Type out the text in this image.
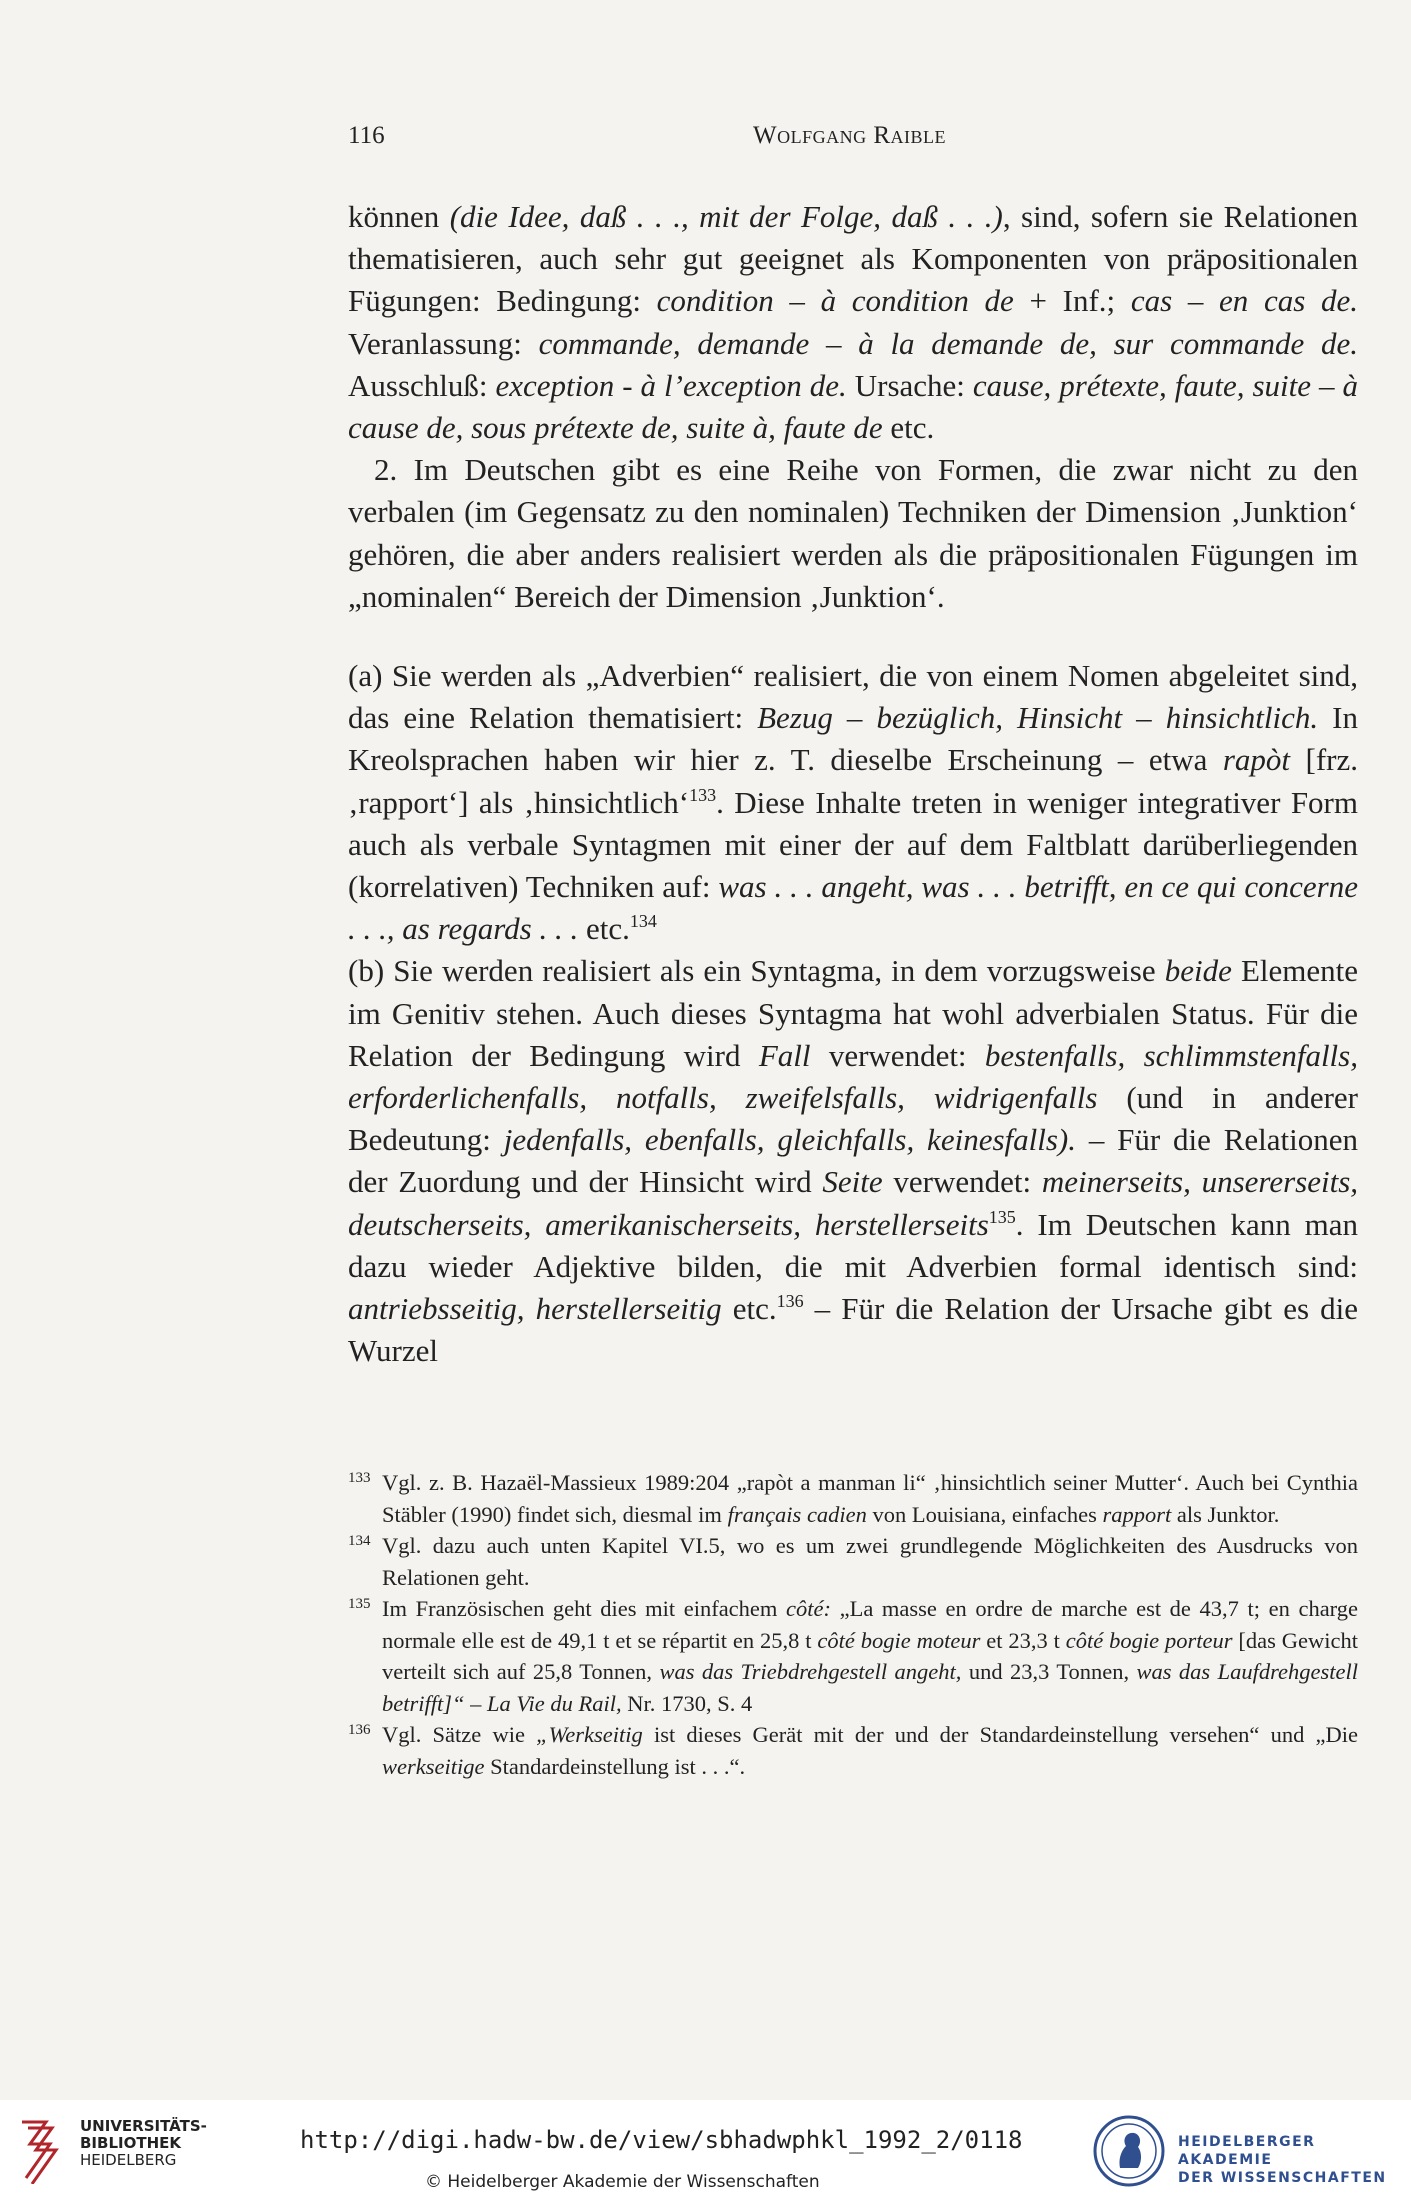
116	Wolfgang Raible

können (die Idee, daß . . ., mit der Folge, daß . . .), sind, sofern sie Relationen thematisieren, auch sehr gut geeignet als Komponenten von präpositionalen Fügungen: Bedingung: condition – à condition de + Inf.; cas – en cas de. Veranlassung: commande, demande – à la demande de, sur commande de. Ausschluß: exception - à l’exception de. Ursache: cause, prétexte, faute, suite – à cause de, sous prétexte de, suite à, faute de etc.

2. Im Deutschen gibt es eine Reihe von Formen, die zwar nicht zu den verbalen (im Gegensatz zu den nominalen) Techniken der Dimension ‚Junktion‘ gehören, die aber anders realisiert werden als die präpositionalen Fügungen im „nominalen“ Bereich der Dimension ‚Junktion‘.

(a) Sie werden als „Adverbien“ realisiert, die von einem Nomen abgeleitet sind, das eine Relation thematisiert: Bezug – bezüglich, Hinsicht – hinsichtlich. In Kreolsprachen haben wir hier z. T. dieselbe Erscheinung – etwa rapòt [frz. ‚rapport‘] als ‚hinsichtlich‘$^{133}$. Diese Inhalte treten in weniger integrativer Form auch als verbale Syntagmen mit einer der auf dem Faltblatt darüberliegenden (korrelativen) Techniken auf: was . . . angeht, was . . . betrifft, en ce qui concerne . . ., as regards . . . etc.$^{134}$

(b) Sie werden realisiert als ein Syntagma, in dem vorzugsweise beide Elemente im Genitiv stehen. Auch dieses Syntagma hat wohl adverbialen Status. Für die Relation der Bedingung wird Fall verwendet: bestenfalls, schlimmstenfalls, erforderlichenfalls, notfalls, zweifelsfalls, widrigenfalls (und in anderer Bedeutung: jedenfalls, ebenfalls, gleichfalls, keinesfalls). – Für die Relationen der Zuordung und der Hinsicht wird Seite verwendet: meinerseits, unsererseits, deutscherseits, amerikanischerseits, herstellerseits$^{135}$. Im Deutschen kann man dazu wieder Adjektive bilden, die mit Adverbien formal identisch sind: antriebsseitig, herstellerseitig etc.$^{136}$ – Für die Relation der Ursache gibt es die Wurzel

133 Vgl. z. B. Hazaël-Massieux 1989:204 „rapòt a manman li“ ‚hinsichtlich seiner Mutter‘. Auch bei Cynthia Stäbler (1990) findet sich, diesmal im français cadien von Louisiana, einfaches rapport als Junktor.

134 Vgl. dazu auch unten Kapitel VI.5, wo es um zwei grundlegende Möglichkeiten des Ausdrucks von Relationen geht.

135 Im Französischen geht dies mit einfachem côté: „La masse en ordre de marche est de 43,7 t; en charge normale elle est de 49,1 t et se répartit en 25,8 t côté bogie moteur et 23,3 t côté bogie porteur [das Gewicht verteilt sich auf 25,8 Tonnen, was das Triebdrehgestell angeht, und 23,3 Tonnen, was das Laufdrehgestell betrifft]“ – La Vie du Rail, Nr. 1730, S. 4

136 Vgl. Sätze wie „Werkseitig ist dieses Gerät mit der und der Standardeinstellung versehen“ und „Die werkseitige Standardeinstellung ist . . .“.

UNIVERSITÄTS-
BIBLIOTHEK
HEIDELBERG
http://digi.hadw-bw.de/view/sbhadwphkl_1992_2/0118
© Heidelberger Akademie der Wissenschaften
HEIDELBERGER AKADEMIE
DER WISSENSCHAFTEN
